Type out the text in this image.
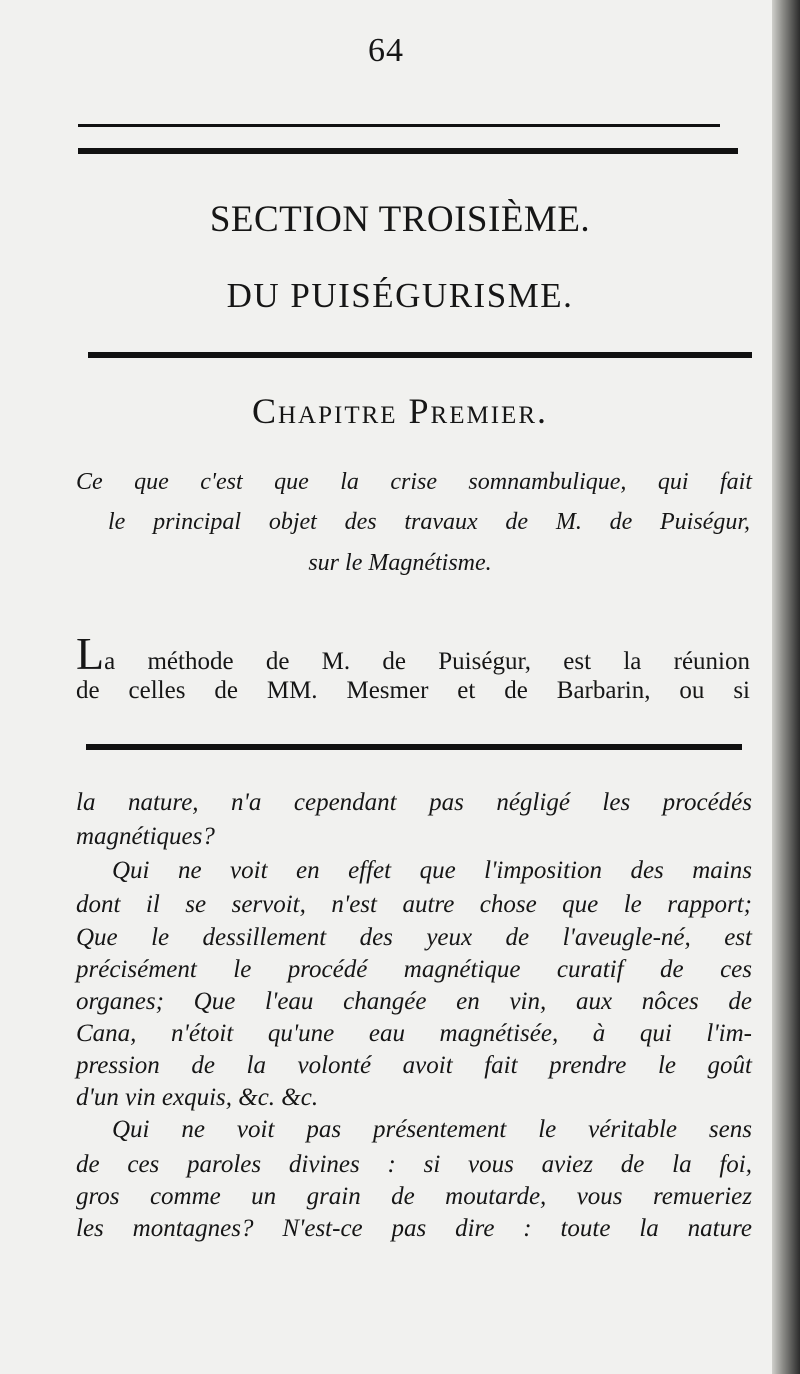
64
SECTION TROISIÈME.
DU PUISÉGURISME.
Chapitre Premier.
Ce que c'est que la crise somnambulique, qui fait
le principal objet des travaux de M. de Puiségur,
sur le Magnétisme.
La méthode de M. de Puiségur, est la réunion
de celles de MM. Mesmer et de Barbarin, ou si
la nature, n'a cependant pas négligé les procédés
magnétiques?
Qui ne voit en effet que l'imposition des mains
dont il se servoit, n'est autre chose que le rapport;
Que le dessillement des yeux de l'aveugle-né, est
précisément le procédé magnétique curatif de ces
organes; Que l'eau changée en vin, aux nôces de
Cana, n'étoit qu'une eau magnétisée, à qui l'im-
pression de la volonté avoit fait prendre le goût
d'un vin exquis, &c. &c.
Qui ne voit pas présentement le véritable sens
de ces paroles divines : si vous aviez de la foi,
gros comme un grain de moutarde, vous remueriez
les montagnes? N'est-ce pas dire : toute la nature
